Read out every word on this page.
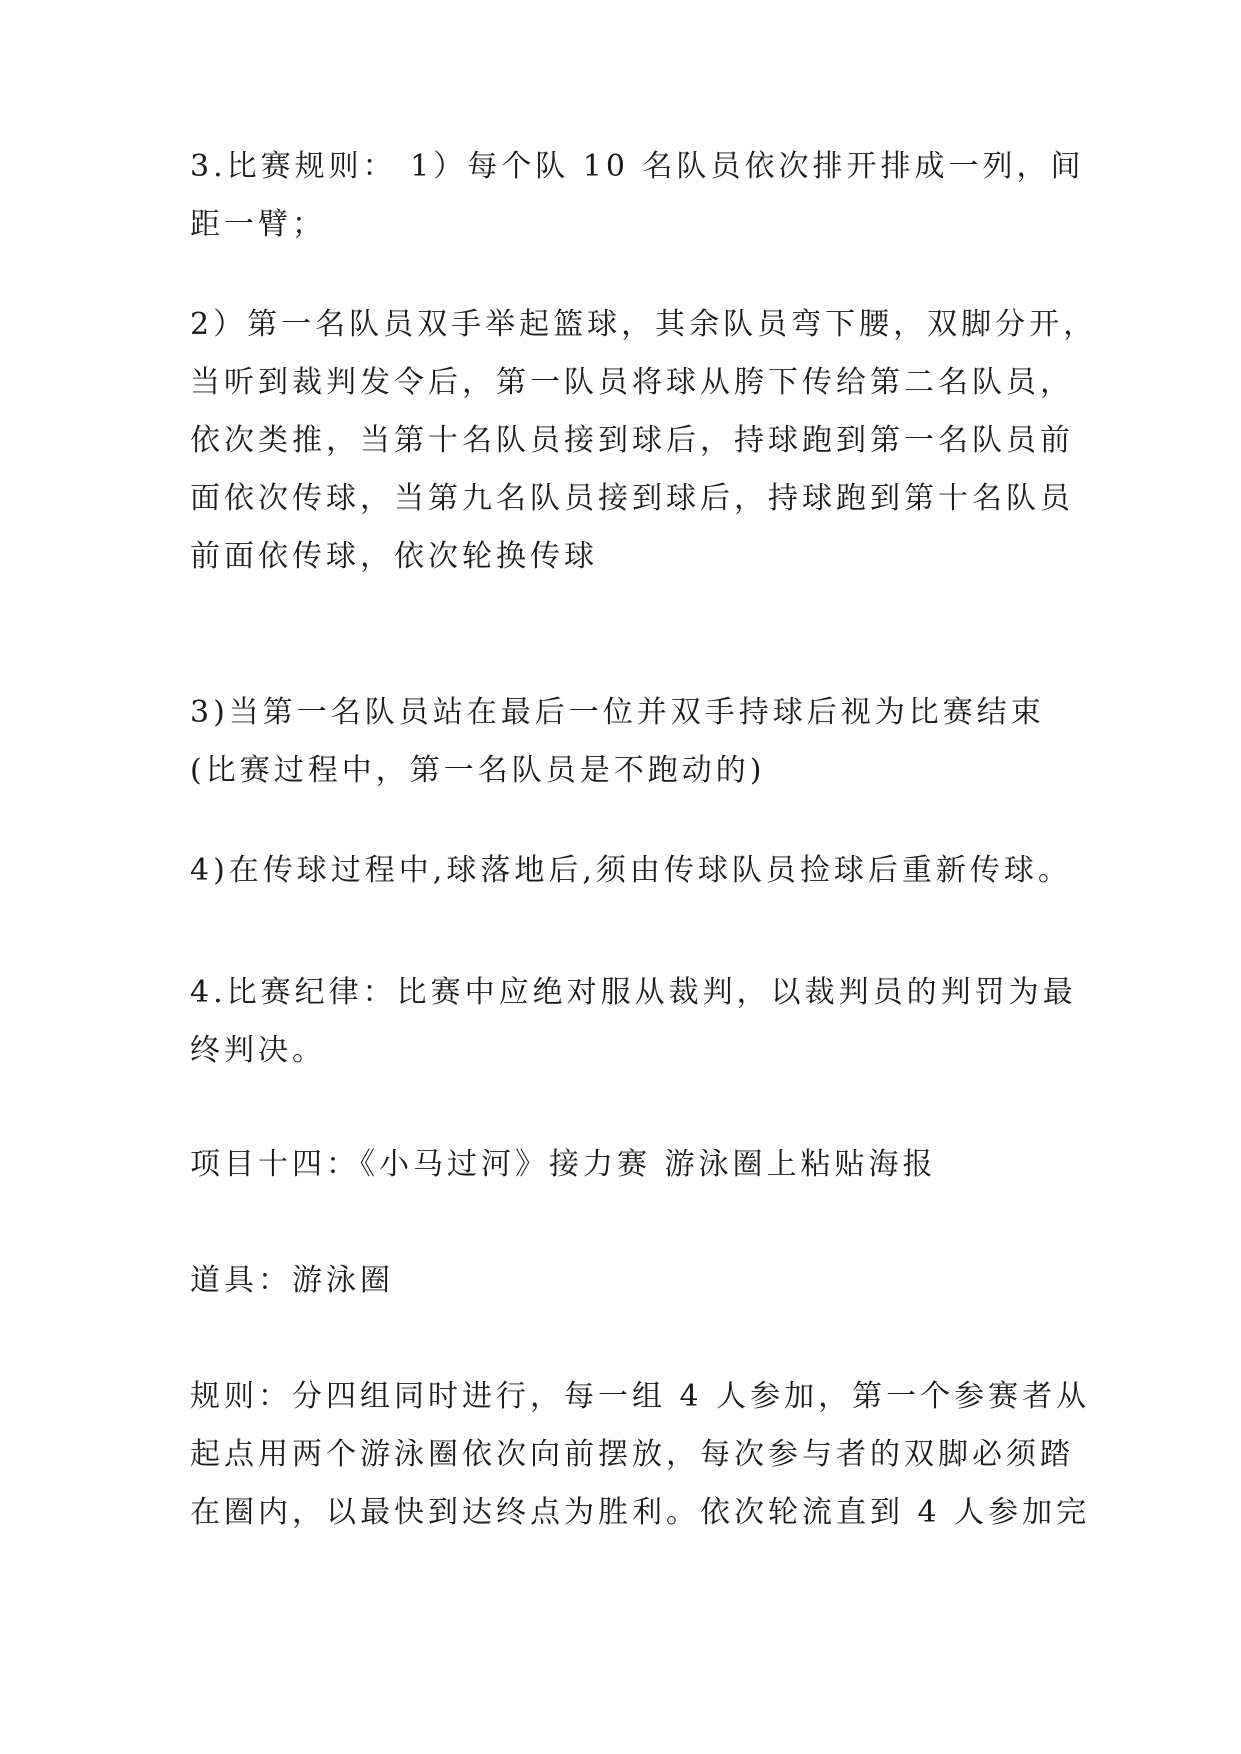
3.比赛规则： 1）每个队 10 名队员依次排开排成一列，间
距一臂；

2）第一名队员双手举起篮球，其余队员弯下腰，双脚分开，
当听到裁判发令后，第一队员将球从胯下传给第二名队员，
依次类推，当第十名队员接到球后，持球跑到第一名队员前
面依次传球，当第九名队员接到球后，持球跑到第十名队员
前面依传球，依次轮换传球

3)当第一名队员站在最后一位并双手持球后视为比赛结束
(比赛过程中，第一名队员是不跑动的)

4)在传球过程中,球落地后,须由传球队员捡球后重新传球。

4.比赛纪律：比赛中应绝对服从裁判，以裁判员的判罚为最
终判决。

项目十四：《小马过河》接力赛 游泳圈上粘贴海报

道具：游泳圈

规则：分四组同时进行，每一组 4 人参加，第一个参赛者从
起点用两个游泳圈依次向前摆放，每次参与者的双脚必须踏
在圈内，以最快到达终点为胜利。依次轮流直到 4 人参加完
